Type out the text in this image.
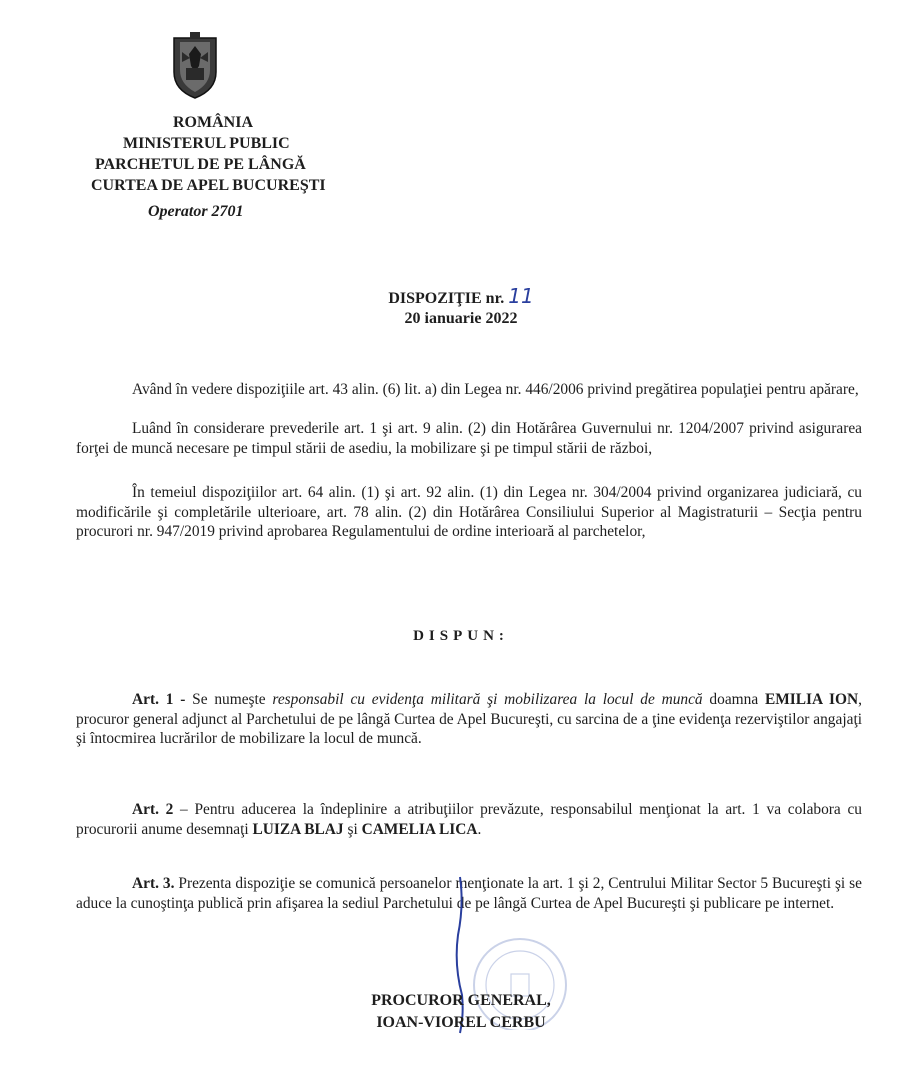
ROMÂNIA
MINISTERUL PUBLIC
PARCHETUL DE PE LÂNGĂ
CURTEA DE APEL BUCUREŞTI
Operator 2701
DISPOZIŢIE nr. 11
20 ianuarie 2022

Având în vedere dispoziţiile art. 43 alin. (6) lit. a) din Legea nr. 446/2006 privind pregătirea populaţiei pentru apărare,

Luând în considerare prevederile art. 1 şi art. 9 alin. (2) din Hotărârea Guvernului nr. 1204/2007 privind asigurarea forţei de muncă necesare pe timpul stării de asediu, la mobilizare şi pe timpul stării de război,

În temeiul dispoziţiilor art. 64 alin. (1) şi art. 92 alin. (1) din Legea nr. 304/2004 privind organizarea judiciară, cu modificările şi completările ulterioare, art. 78 alin. (2) din Hotărârea Consiliului Superior al Magistraturii – Secţia pentru procurori nr. 947/2019 privind aprobarea Regulamentului de ordine interioară al parchetelor,

DISPUN:

Art. 1 - Se numeşte responsabil cu evidenţa militară şi mobilizarea la locul de muncă doamna EMILIA ION, procuror general adjunct al Parchetului de pe lângă Curtea de Apel Bucureşti, cu sarcina de a ţine evidenţa rezerviştilor angajaţi şi întocmirea lucrărilor de mobilizare la locul de muncă.

Art. 2 – Pentru aducerea la îndeplinire a atribuţiilor prevăzute, responsabilul menţionat la art. 1 va colabora cu procurorii anume desemnaţi LUIZA BLAJ şi CAMELIA LICA.

Art. 3. Prezenta dispoziţie se comunică persoanelor menţionate la art. 1 şi 2, Centrului Militar Sector 5 Bucureşti şi se aduce la cunoştinţa publică prin afişarea la sediul Parchetului de pe lângă Curtea de Apel Bucureşti şi publicare pe internet.

PROCUROR GENERAL,
IOAN-VIOREL CERBU
